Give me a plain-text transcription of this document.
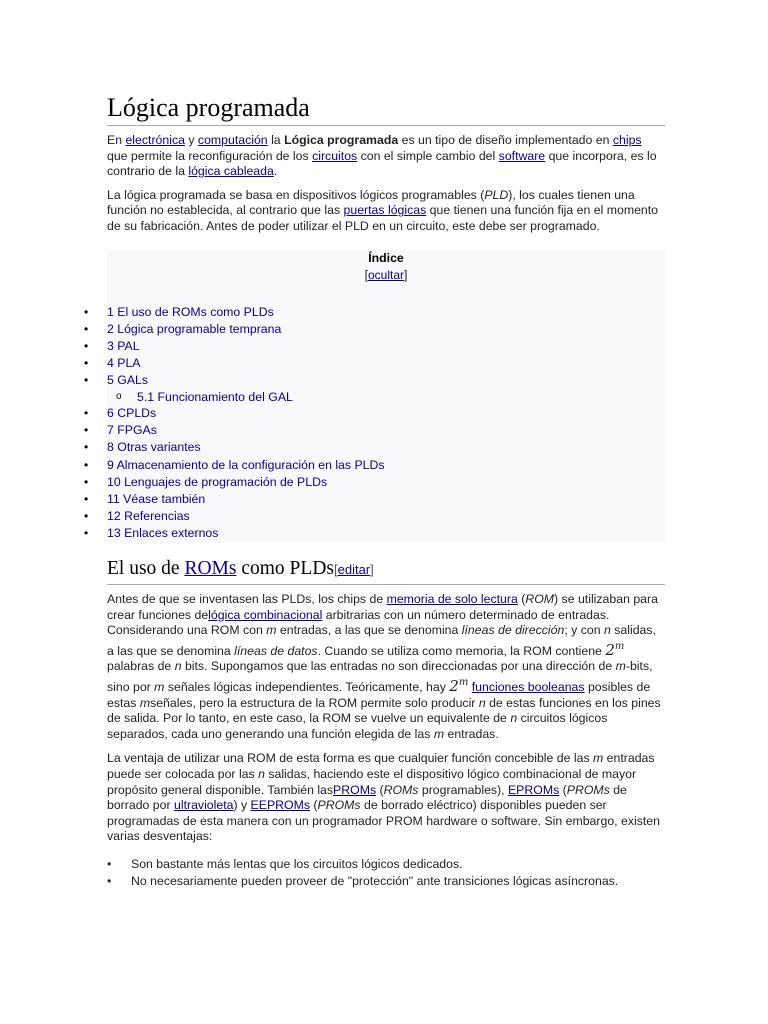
Lógica programada

En electrónica y computación la Lógica programada es un tipo de diseño implementado en chips que permite la reconfiguración de los circuitos con el simple cambio del software que incorpora, es lo contrario de la lógica cableada.

La lógica programada se basa en dispositivos lógicos programables (PLD), los cuales tienen una función no establecida, al contrario que las puertas lógicas que tienen una función fija en el momento de su fabricación. Antes de poder utilizar el PLD en un circuito, este debe ser programado.

Índice
[ocultar]
• 1 El uso de ROMs como PLDs
• 2 Lógica programable temprana
• 3 PAL
• 4 PLA
• 5 GALs
o 5.1 Funcionamiento del GAL
• 6 CPLDs
• 7 FPGAs
• 8 Otras variantes
• 9 Almacenamiento de la configuración en las PLDs
• 10 Lenguajes de programación de PLDs
• 11 Véase también
• 12 Referencias
• 13 Enlaces externos
El uso de ROMs como PLDs[editar]

Antes de que se inventasen las PLDs, los chips de memoria de solo lectura (ROM) se utilizaban para crear funciones delógica combinacional arbitrarias con un número determinado de entradas. Considerando una ROM con m entradas, a las que se denomina líneas de dirección; y con n salidas, a las que se denomina líneas de datos. Cuando se utiliza como memoria, la ROM contiene 2$^m$ palabras de n bits. Supongamos que las entradas no son direccionadas por una dirección de m-bits, sino por m señales lógicas independientes. Teóricamente, hay 2$^m$ funciones booleanas posibles de estas mseñales, pero la estructura de la ROM permite solo producir n de estas funciones en los pines de salida. Por lo tanto, en este caso, la ROM se vuelve un equivalente de n circuitos lógicos separados, cada uno generando una función elegida de las m entradas.

La ventaja de utilizar una ROM de esta forma es que cualquier función concebible de las m entradas puede ser colocada por las n salidas, haciendo este el dispositivo lógico combinacional de mayor propósito general disponible. También lasPROMs (ROMs programables), EPROMs (PROMs de borrado por ultravioleta) y EEPROMs (PROMs de borrado eléctrico) disponibles pueden ser programadas de esta manera con un programador PROM hardware o software. Sin embargo, existen varias desventajas:

• Son bastante más lentas que los circuitos lógicos dedicados.
• No necesariamente pueden proveer de "protección" ante transiciones lógicas asíncronas.
